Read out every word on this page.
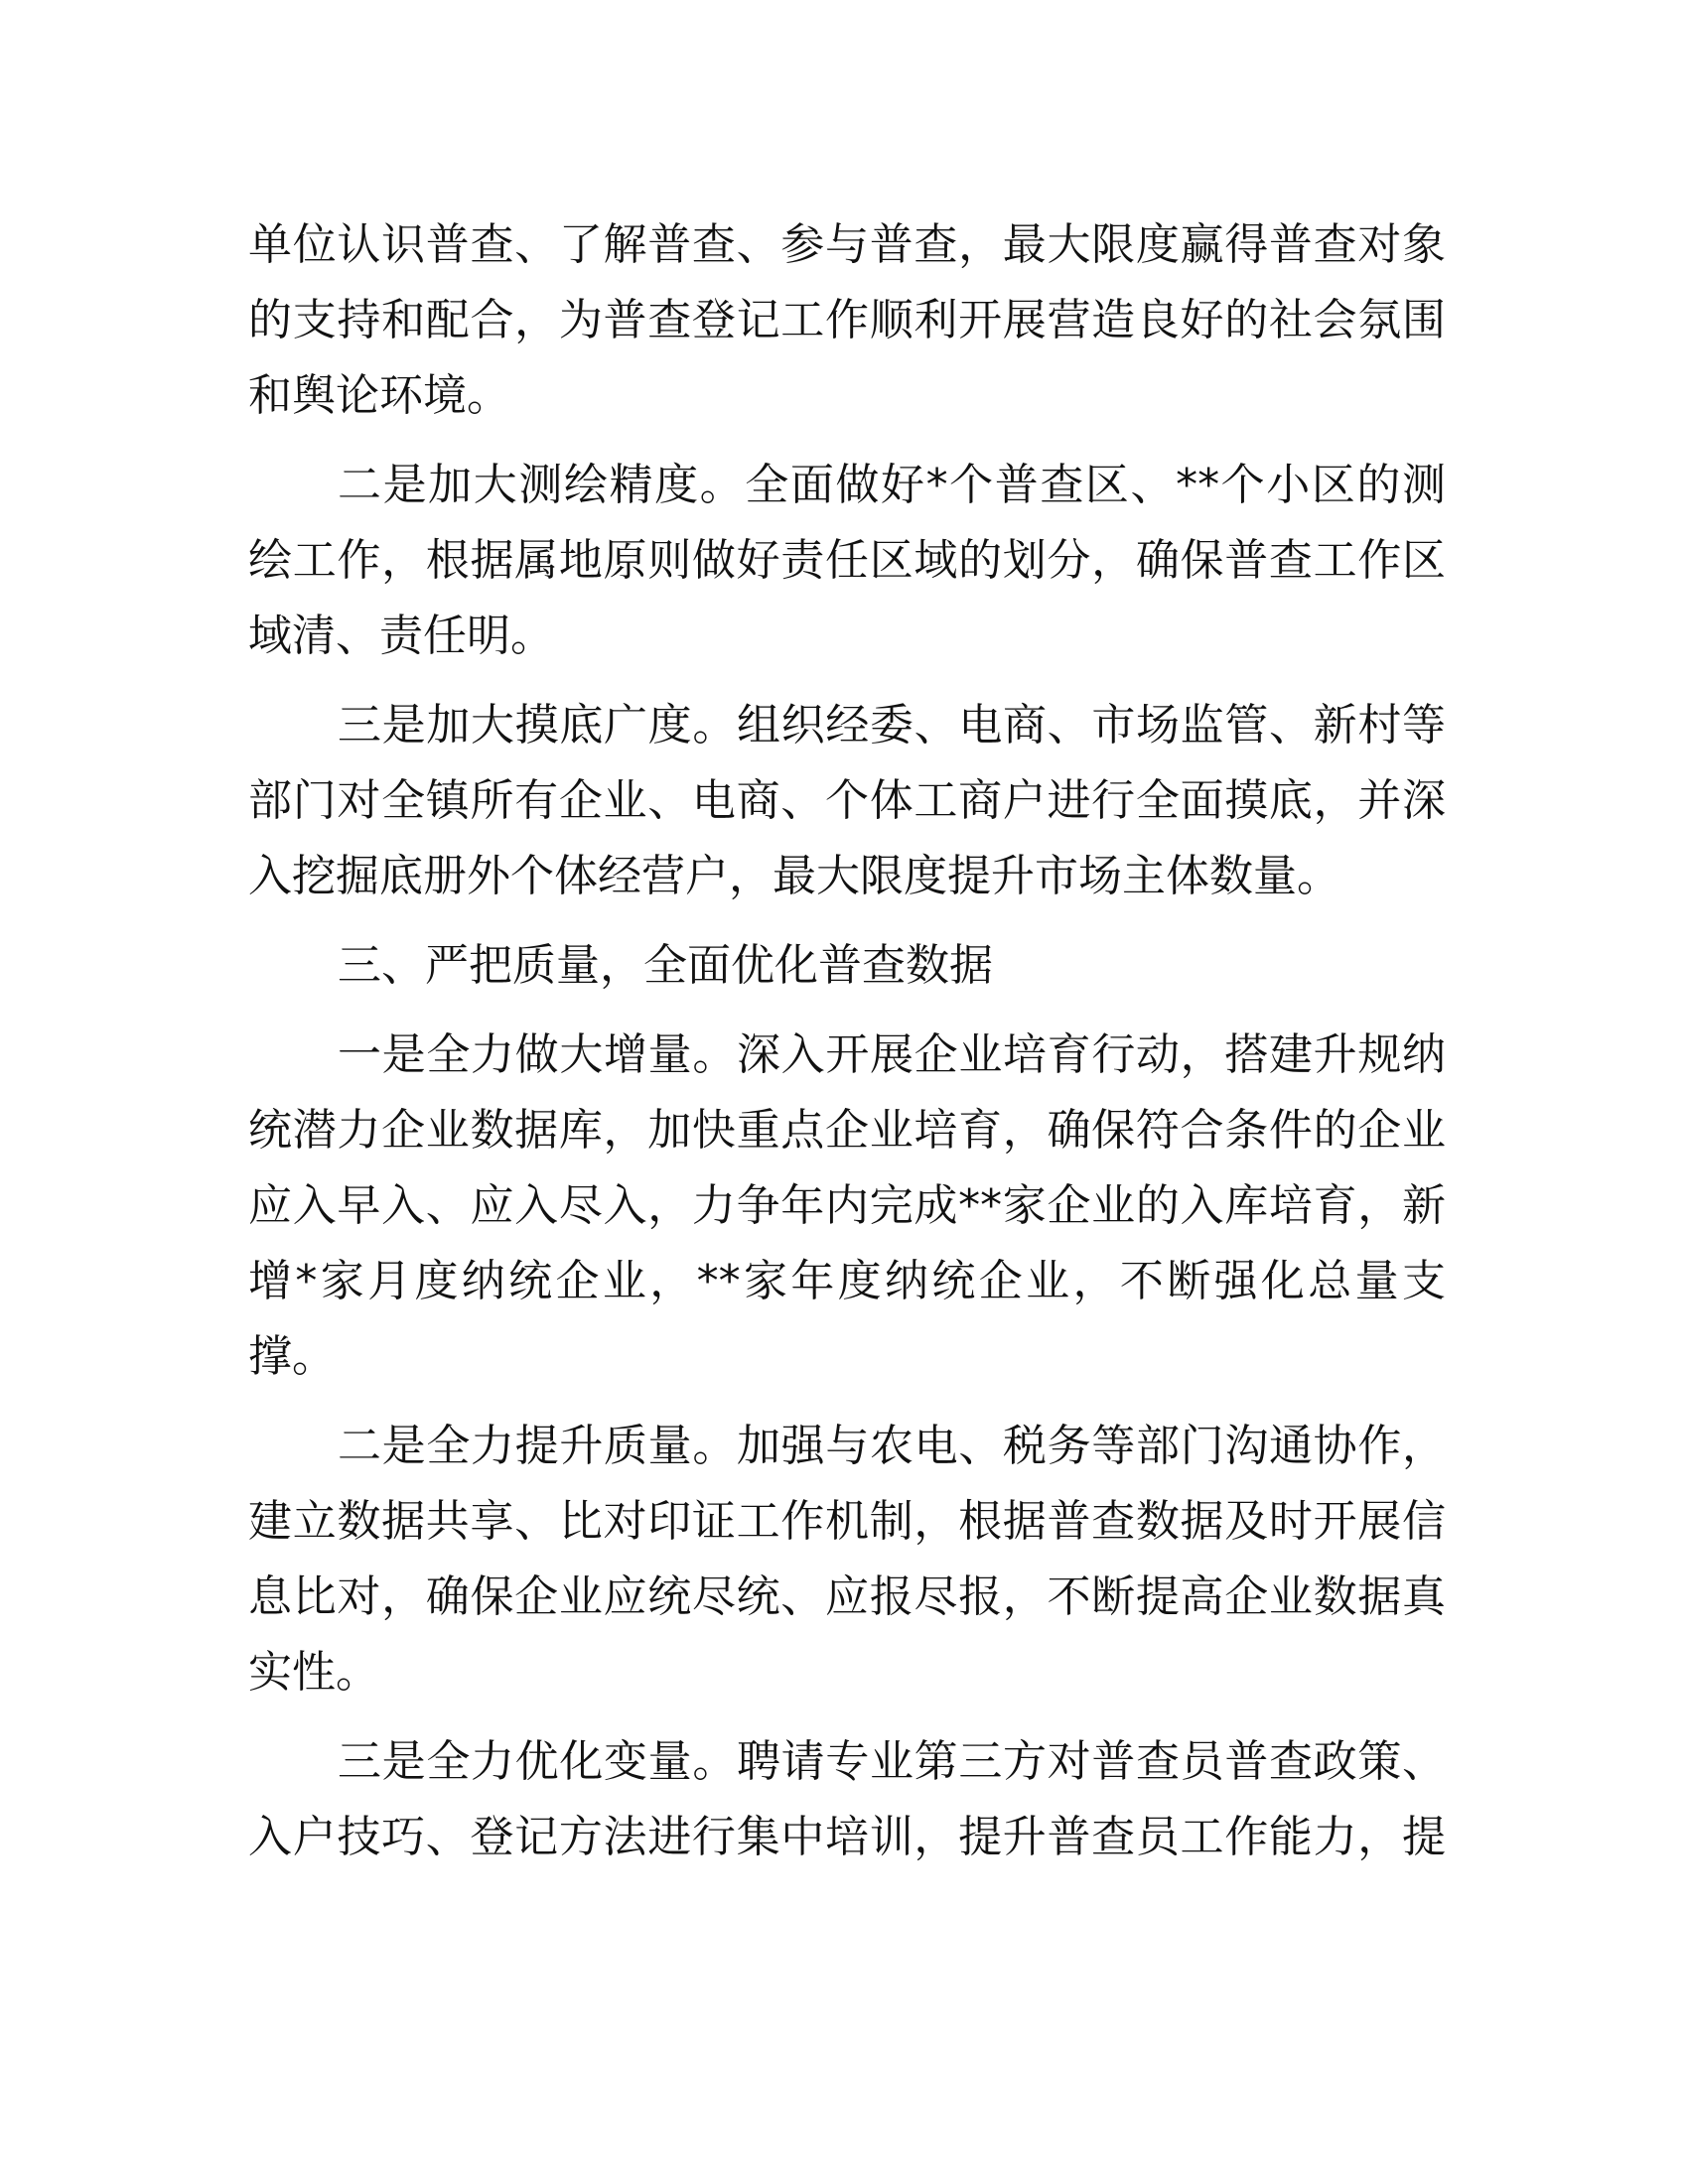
单位认识普查、了解普查、参与普查，最大限度赢得普查对象
的支持和配合，为普查登记工作顺利开展营造良好的社会氛围
和舆论环境。
二是加大测绘精度。全面做好*个普查区、**个小区的测
绘工作，根据属地原则做好责任区域的划分，确保普查工作区
域清、责任明。
三是加大摸底广度。组织经委、电商、市场监管、新村等
部门对全镇所有企业、电商、个体工商户进行全面摸底，并深
入挖掘底册外个体经营户，最大限度提升市场主体数量。
三、严把质量，全面优化普查数据
一是全力做大增量。深入开展企业培育行动，搭建升规纳
统潜力企业数据库，加快重点企业培育，确保符合条件的企业
应入早入、应入尽入，力争年内完成**家企业的入库培育，新
增*家月度纳统企业，**家年度纳统企业，不断强化总量支
撑。
二是全力提升质量。加强与农电、税务等部门沟通协作，
建立数据共享、比对印证工作机制，根据普查数据及时开展信
息比对，确保企业应统尽统、应报尽报，不断提高企业数据真
实性。
三是全力优化变量。聘请专业第三方对普查员普查政策、
入户技巧、登记方法进行集中培训，提升普查员工作能力，提
